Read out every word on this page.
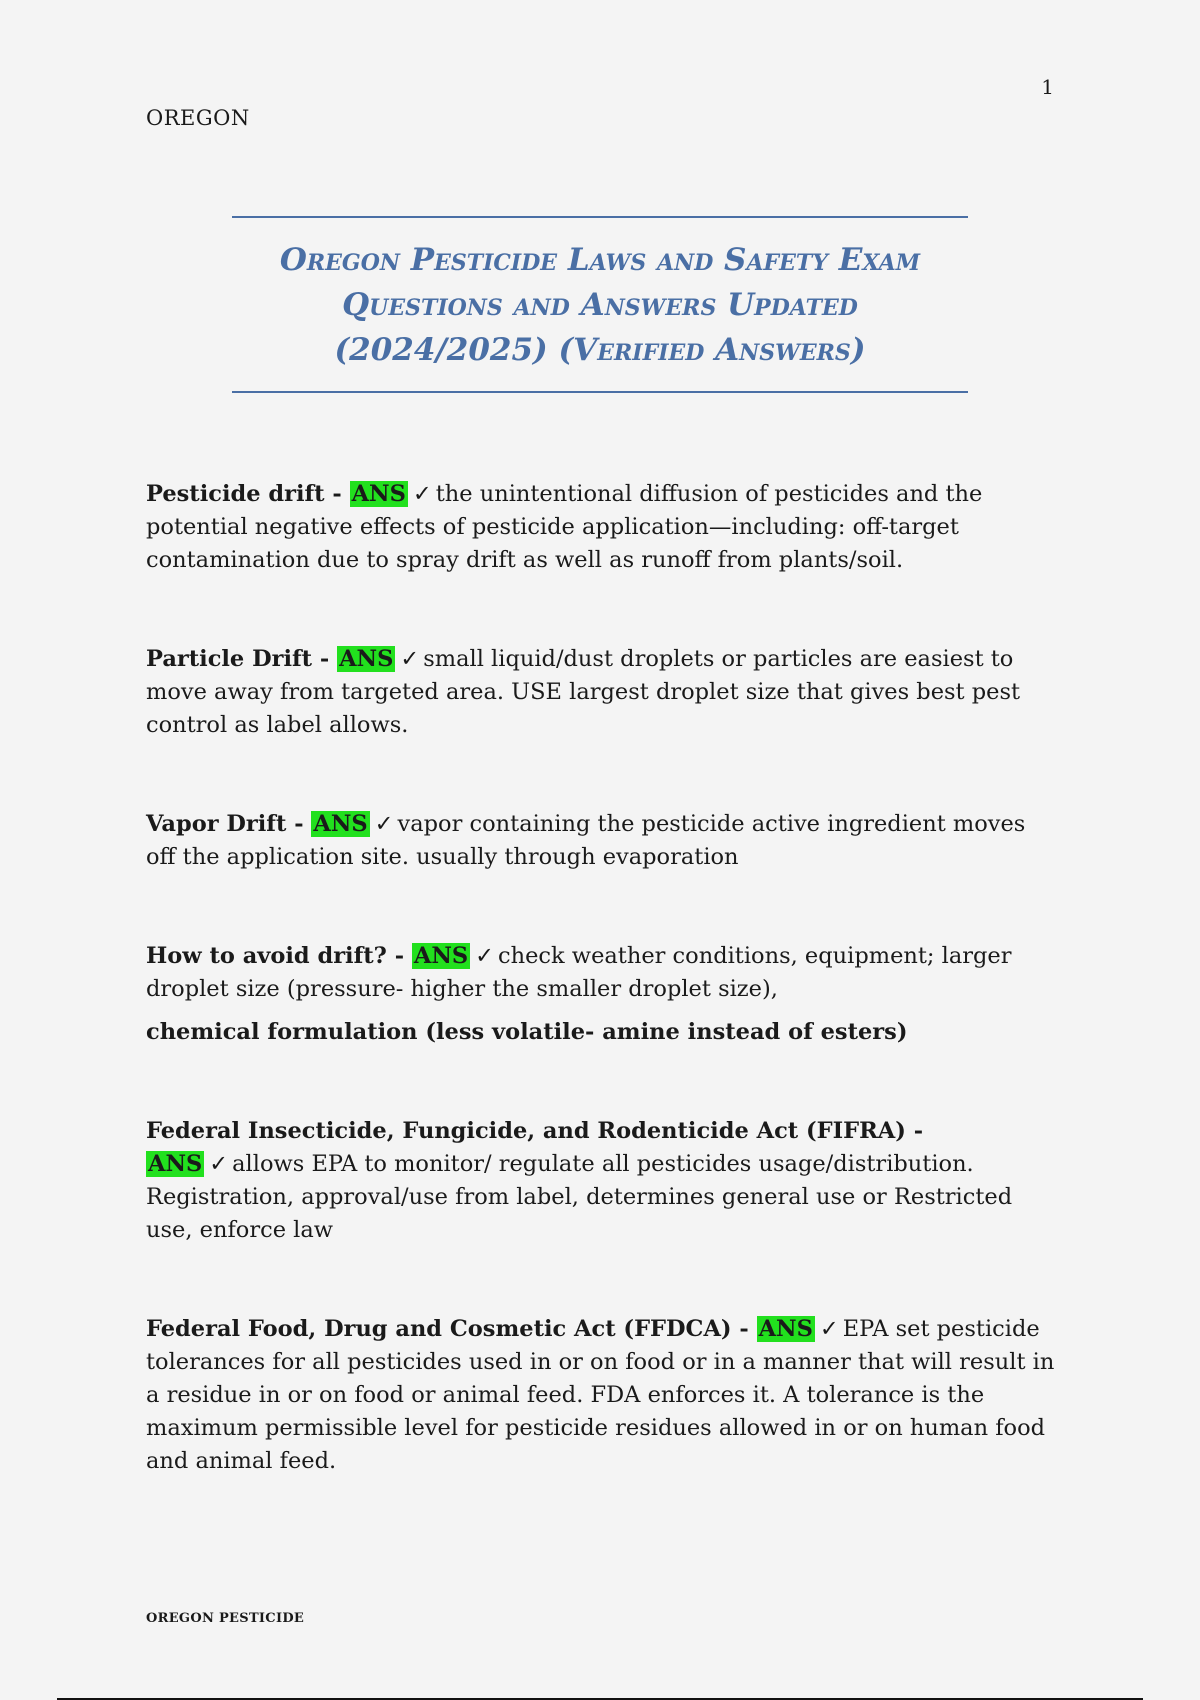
1
OREGON
Oregon Pesticide Laws and Safety Exam
Questions and Answers Updated
(2024/2025) (Verified Answers)

Pesticide drift - ANS ✓ the unintentional diffusion of pesticides and the potential negative effects of pesticide application—including: off-target contamination due to spray drift as well as runoff from plants/soil.

Particle Drift - ANS ✓ small liquid/dust droplets or particles are easiest to move away from targeted area. USE largest droplet size that gives best pest control as label allows.

Vapor Drift - ANS ✓ vapor containing the pesticide active ingredient moves off the application site. usually through evaporation

How to avoid drift? - ANS ✓ check weather conditions, equipment; larger droplet size (pressure- higher the smaller droplet size),

chemical formulation (less volatile- amine instead of esters)

Federal Insecticide, Fungicide, and Rodenticide Act (FIFRA) - ANS ✓ allows EPA to monitor/ regulate all pesticides usage/distribution. Registration, approval/use from label, determines general use or Restricted use, enforce law

Federal Food, Drug and Cosmetic Act (FFDCA) - ANS ✓ EPA set pesticide tolerances for all pesticides used in or on food or in a manner that will result in a residue in or on food or animal feed. FDA enforces it. A tolerance is the maximum permissible level for pesticide residues allowed in or on human food and animal feed.

OREGON PESTICIDE
